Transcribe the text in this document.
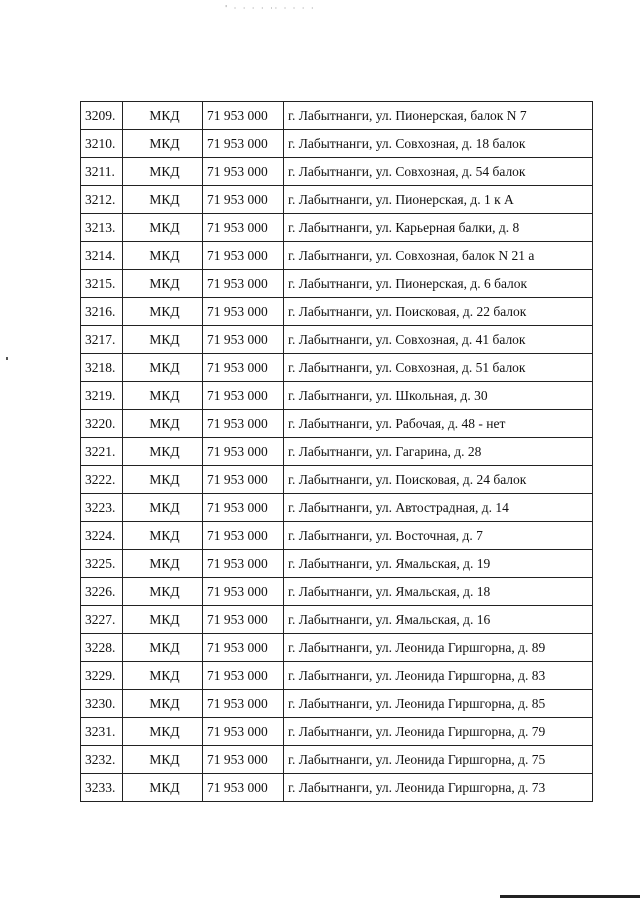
' · · · · ·· · · · ·
3209.	МКД	71 953 000	г. Лабытнанги, ул. Пионерская, балок N 7
3210.	МКД	71 953 000	г. Лабытнанги, ул. Совхозная, д. 18 балок
3211.	МКД	71 953 000	г. Лабытнанги, ул. Совхозная, д. 54 балок
3212.	МКД	71 953 000	г. Лабытнанги, ул. Пионерская, д. 1 к А
3213.	МКД	71 953 000	г. Лабытнанги, ул. Карьерная балки, д. 8
3214.	МКД	71 953 000	г. Лабытнанги, ул. Совхозная, балок N 21 а
3215.	МКД	71 953 000	г. Лабытнанги, ул. Пионерская, д. 6 балок
3216.	МКД	71 953 000	г. Лабытнанги, ул. Поисковая, д. 22 балок
3217.	МКД	71 953 000	г. Лабытнанги, ул. Совхозная, д. 41 балок
3218.	МКД	71 953 000	г. Лабытнанги, ул. Совхозная, д. 51 балок
3219.	МКД	71 953 000	г. Лабытнанги, ул. Школьная, д. 30
3220.	МКД	71 953 000	г. Лабытнанги, ул. Рабочая, д. 48 - нет
3221.	МКД	71 953 000	г. Лабытнанги, ул. Гагарина, д. 28
3222.	МКД	71 953 000	г. Лабытнанги, ул. Поисковая, д. 24 балок
3223.	МКД	71 953 000	г. Лабытнанги, ул. Автострадная, д. 14
3224.	МКД	71 953 000	г. Лабытнанги, ул. Восточная, д. 7
3225.	МКД	71 953 000	г. Лабытнанги, ул. Ямальская, д. 19
3226.	МКД	71 953 000	г. Лабытнанги, ул. Ямальская, д. 18
3227.	МКД	71 953 000	г. Лабытнанги, ул. Ямальская, д. 16
3228.	МКД	71 953 000	г. Лабытнанги, ул. Леонида Гиршгорна, д. 89
3229.	МКД	71 953 000	г. Лабытнанги, ул. Леонида Гиршгорна, д. 83
3230.	МКД	71 953 000	г. Лабытнанги, ул. Леонида Гиршгорна, д. 85
3231.	МКД	71 953 000	г. Лабытнанги, ул. Леонида Гиршгорна, д. 79
3232.	МКД	71 953 000	г. Лабытнанги, ул. Леонида Гиршгорна, д. 75
3233.	МКД	71 953 000	г. Лабытнанги, ул. Леонида Гиршгорна, д. 73
